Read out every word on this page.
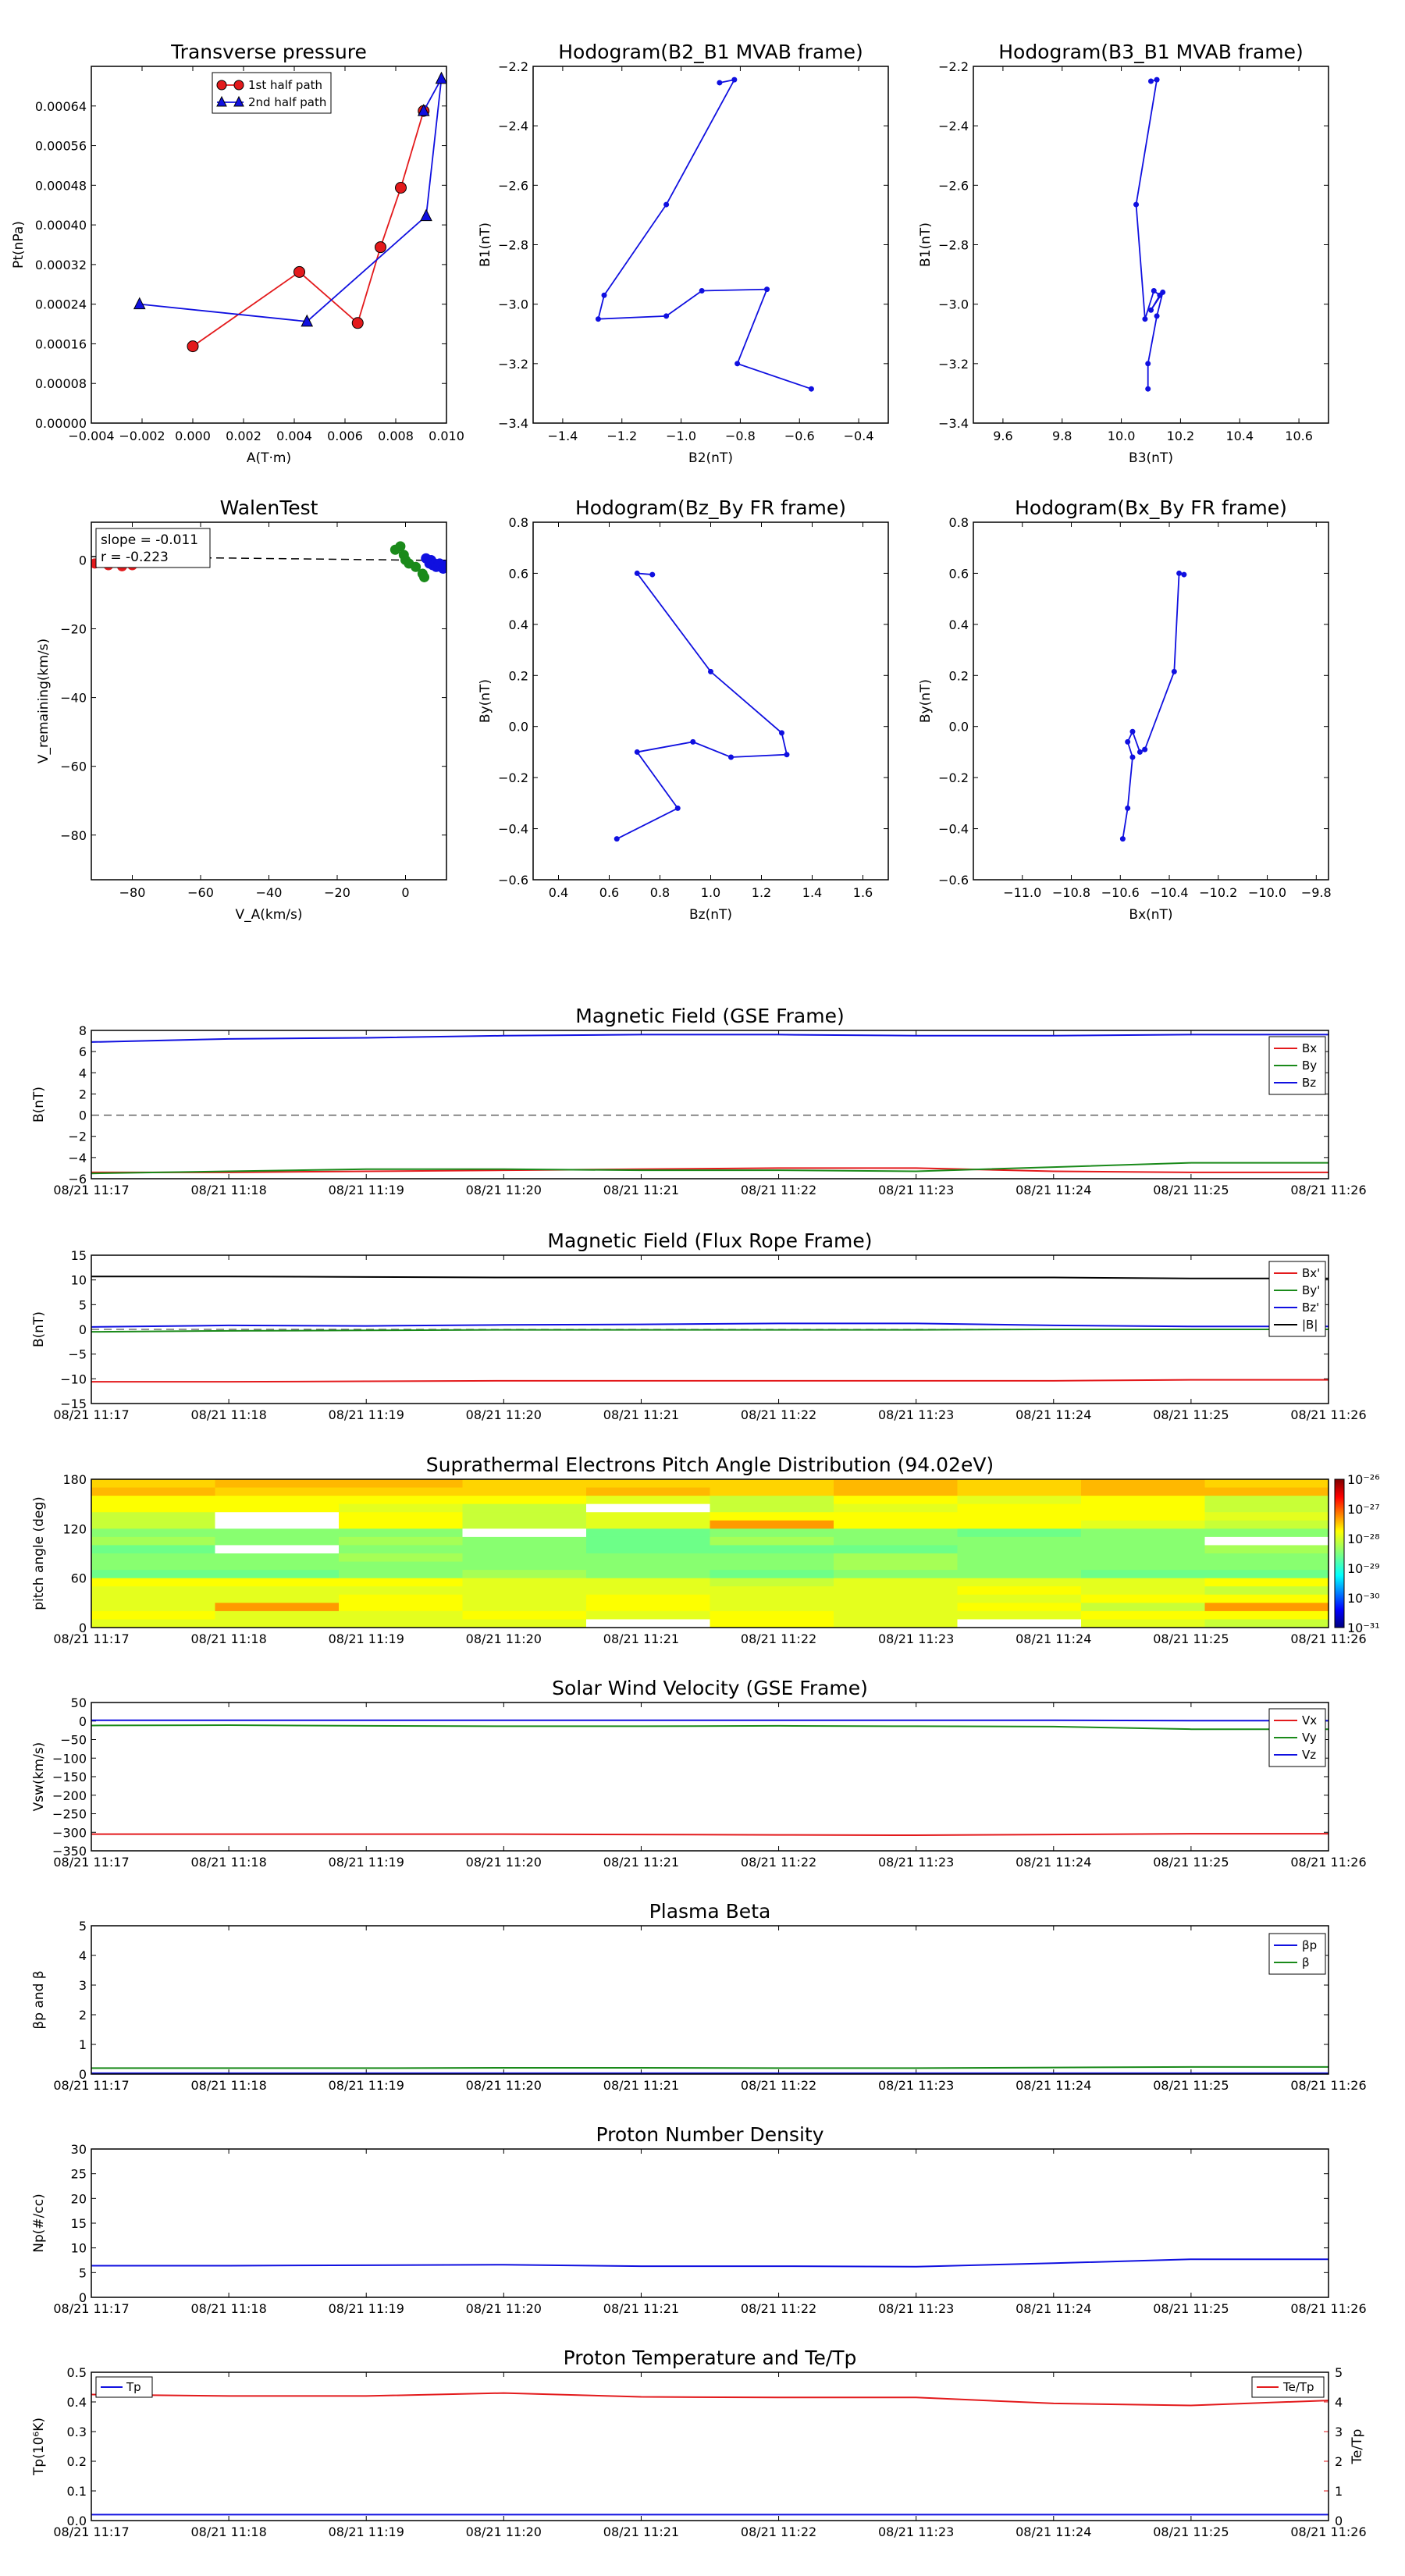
Transverse pressure
−0.004 −0.002 0.000 0.002 0.004 0.006 0.008 0.010
A(T·m)
0.00000
0.00008
0.00016
0.00024
0.00032
0.00040
0.00048
0.00056
0.00064
Pt(nPa)
1st half path
2nd half path
Hodogram(B2_B1 MVAB frame)
−1.4 −1.2 −1.0 −0.8 −0.6 −0.4
B2(nT)
−3.4
−3.2
−3.0
−2.8
−2.6
−2.4
−2.2
B1(nT)
Hodogram(B3_B1 MVAB frame)
9.6	9.8	10.0	10.2	10.4	10.6
B3(nT)
−3.4
−3.2
−3.0
−2.8
−2.6
−2.4
−2.2
B1(nT)
WalenTest
−80	−60	−40	−20	0
V_A(km/s)
−80
−60
−40
−20
0
V_remaining(km/s)
slope = -0.011
r = -0.223
Hodogram(Bz_By FR frame)
0.4 0.6 0.8 1.0 1.2 1.4 1.6
Bz(nT)
−0.6
−0.4
−0.2
0.0
0.2
0.4
0.6
0.8
By(nT)
Hodogram(Bx_By FR frame)
−11.0 −10.8 −10.6 −10.4 −10.2 −10.0 −9.8
Bx(nT)
−0.6
−0.4
−0.2
0.0
0.2
0.4
0.6
0.8
By(nT)
Magnetic Field (GSE Frame)
08/21 11:17	08/21 11:18	08/21 11:19	08/21 11:20	08/21 11:21	08/21 11:22	08/21 11:23	08/21 11:24	08/21 11:25	08/21 11:26
−6
−4
−2
0
2
4
6
8
B(nT)
Bx
By
Bz
Magnetic Field (Flux Rope Frame)
08/21 11:17	08/21 11:18	08/21 11:19	08/21 11:20	08/21 11:21	08/21 11:22	08/21 11:23	08/21 11:24	08/21 11:25	08/21 11:26
−15
−10
−5
0
5
10
15
B(nT)
Bx'
By'
Bz'
|B|
Suprathermal Electrons Pitch Angle Distribution (94.02eV)
08/21 11:17	08/21 11:18	08/21 11:19	08/21 11:20	08/21 11:21	08/21 11:22	08/21 11:23	08/21 11:24	08/21 11:25	08/21 11:26
0
60
120
180
pitch angle (deg)
10⁻²⁶
10⁻²⁷
10⁻²⁸
10⁻²⁹
10⁻³⁰
10⁻³¹
Solar Wind Velocity (GSE Frame)
08/21 11:17	08/21 11:18	08/21 11:19	08/21 11:20	08/21 11:21	08/21 11:22	08/21 11:23	08/21 11:24	08/21 11:25	08/21 11:26
−350
−300
−250
−200
−150
−100
−50
0
50
Vsw(km/s)
Vx
Vy
Vz
Plasma Beta
08/21 11:17	08/21 11:18	08/21 11:19	08/21 11:20	08/21 11:21	08/21 11:22	08/21 11:23	08/21 11:24	08/21 11:25	08/21 11:26
0
1
2
3
4
5
βp and β
βp
β
Proton Number Density
08/21 11:17	08/21 11:18	08/21 11:19	08/21 11:20	08/21 11:21	08/21 11:22	08/21 11:23	08/21 11:24	08/21 11:25	08/21 11:26
0
5
10
15
20
25
30
Np(#/cc)
Proton Temperature and Te/Tp
08/21 11:17	08/21 11:18	08/21 11:19	08/21 11:20	08/21 11:21	08/21 11:22	08/21 11:23	08/21 11:24	08/21 11:25	08/21 11:26
0.0
0.1
0.2
0.3
0.4
0.5
Tp(10⁶K)
0
1
2
3
4
5
Te/Tp
Tp	Te/Tp
